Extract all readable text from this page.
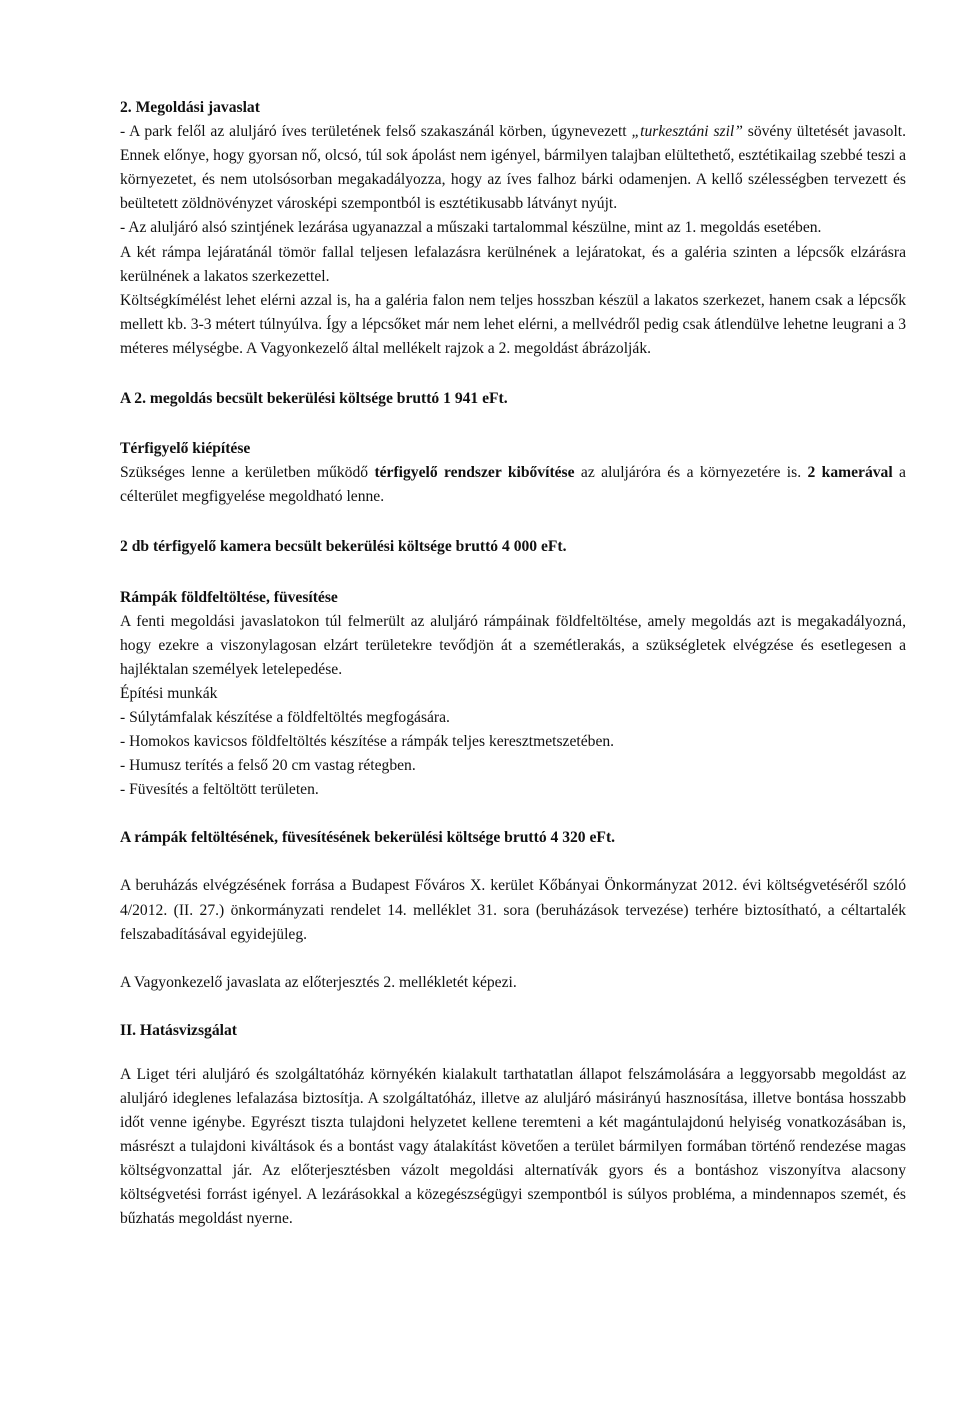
2. Megoldási javaslat

- A park felől az aluljáró íves területének felső szakaszánál körben, úgynevezett „turkesztáni szil” sövény ültetését javasolt. Ennek előnye, hogy gyorsan nő, olcsó, túl sok ápolást nem igényel, bármilyen talajban elültethető, esztétikailag szebbé teszi a környezetet, és nem utolsósorban megakadályozza, hogy az íves falhoz bárki odamenjen. A kellő szélességben tervezett és beültetett zöldnövényzet városképi szempontból is esztétikusabb látványt nyújt.

- Az aluljáró alsó szintjének lezárása ugyanazzal a műszaki tartalommal készülne, mint az 1. megoldás esetében.

A két rámpa lejáratánál tömör fallal teljesen lefalazásra kerülnének a lejáratokat, és a galéria szinten a lépcsők elzárásra kerülnének a lakatos szerkezettel.

Költségkímélést lehet elérni azzal is, ha a galéria falon nem teljes hosszban készül a lakatos szerkezet, hanem csak a lépcsők mellett kb. 3-3 métert túlnyúlva. Így a lépcsőket már nem lehet elérni, a mellvédről pedig csak átlendülve lehetne leugrani a 3 méteres mélységbe. A Vagyonkezelő által mellékelt rajzok a 2. megoldást ábrázolják.

A 2. megoldás becsült bekerülési költsége bruttó 1 941 eFt.

Térfigyelő kiépítése

Szükséges lenne a kerületben működő térfigyelő rendszer kibővítése az aluljáróra és a környezetére is. 2 kamerával a célterület megfigyelése megoldható lenne.

2 db térfigyelő kamera becsült bekerülési költsége bruttó 4 000 eFt.

Rámpák földfeltöltése, füvesítése

A fenti megoldási javaslatokon túl felmerült az aluljáró rámpáinak földfeltöltése, amely megoldás azt is megakadályozná, hogy ezekre a viszonylagosan elzárt területekre tevődjön át a szemétlerakás, a szükségletek elvégzése és esetlegesen a hajléktalan személyek letelepedése.

Építési munkák

- Súlytámfalak készítése a földfeltöltés megfogására.

- Homokos kavicsos földfeltöltés készítése a rámpák teljes keresztmetszetében.

- Humusz terítés a felső 20 cm vastag rétegben.

- Füvesítés a feltöltött területen.

A rámpák feltöltésének, füvesítésének bekerülési költsége bruttó 4 320 eFt.

A beruházás elvégzésének forrása a Budapest Főváros X. kerület Kőbányai Önkormányzat 2012. évi költségvetéséről szóló 4/2012. (II. 27.) önkormányzati rendelet 14. melléklet 31. sora (beruházások tervezése) terhére biztosítható, a céltartalék felszabadításával egyidejüleg.

A Vagyonkezelő javaslata az előterjesztés 2. mellékletét képezi.

II. Hatásvizsgálat

A Liget téri aluljáró és szolgáltatóház környékén kialakult tarthatatlan állapot felszámolására a leggyorsabb megoldást az aluljáró ideglenes lefalazása biztosítja. A szolgáltatóház, illetve az aluljáró másirányú hasznosítása, illetve bontása hosszabb időt venne igénybe. Egyrészt tiszta tulajdoni helyzetet kellene teremteni a két magántulajdonú helyiség vonatkozásában is, másrészt a tulajdoni kiváltások és a bontást vagy átalakítást követően a terület bármilyen formában történő rendezése magas költségvonzattal jár. Az előterjesztésben vázolt megoldási alternatívák gyors és a bontáshoz viszonyítva alacsony költségvetési forrást igényel. A lezárásokkal a közegészségügyi szempontból is súlyos probléma, a mindennapos szemét, és bűzhatás megoldást nyerne.
